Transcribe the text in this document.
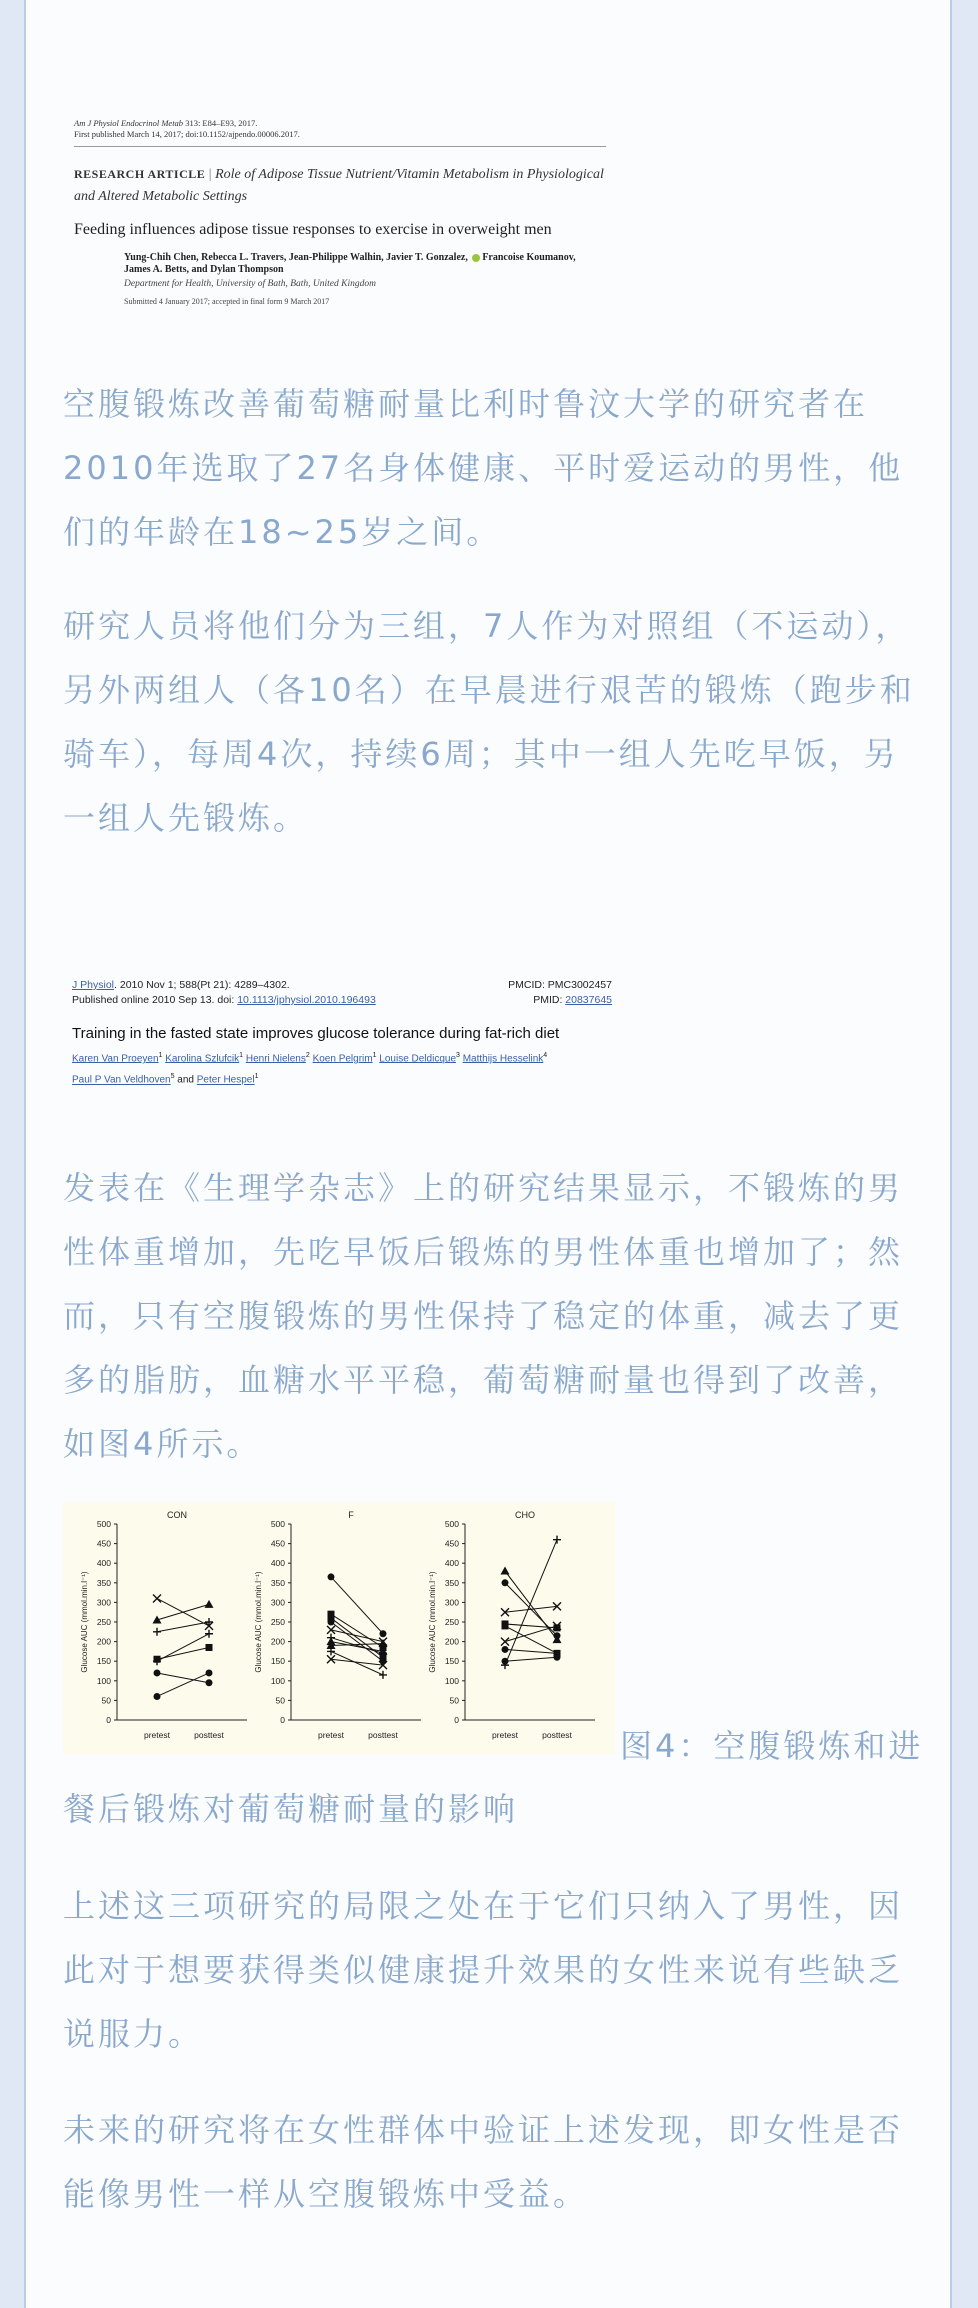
Am J Physiol Endocrinol Metab 313: E84–E93, 2017.

First published March 14, 2017; doi:10.1152/ajpendo.00006.2017.

RESEARCH ARTICLE | Role of Adipose Tissue Nutrient/Vitamin Metabolism in Physiological and Altered Metabolic Settings

Feeding influences adipose tissue responses to exercise in overweight men

Yung-Chih Chen, Rebecca L. Travers, Jean-Philippe Walhin, Javier T. Gonzalez, Francoise Koumanov,
James A. Betts, and Dylan Thompson

Department for Health, University of Bath, Bath, United Kingdom

Submitted 4 January 2017; accepted in final form 9 March 2017

空腹锻炼改善葡萄糖耐量比利时鲁汶大学的研究者在2010年选取了27名身体健康、平时爱运动的男性，他们的年龄在18~25岁之间。

研究人员将他们分为三组，7人作为对照组（不运动），另外两组人（各10名）在早晨进行艰苦的锻炼（跑步和骑车），每周4次，持续6周；其中一组人先吃早饭，另一组人先锻炼。

J Physiol. 2010 Nov 1; 588(Pt 21): 4289–4302.	PMCID: PMC3002457
Published online 2010 Sep 13. doi: 10.1113/jphysiol.2010.196493	PMID: 20837645

Training in the fasted state improves glucose tolerance during fat-rich diet

Karen Van Proeyen$^1$ Karolina Szlufcik$^1$ Henri Nielens$^2$ Koen Pelgrim$^1$ Louise Deldicque$^3$ Matthijs Hesselink$^4$
Paul P Van Veldhoven$^5$ and Peter Hespel$^1$

发表在《生理学杂志》上的研究结果显示，不锻炼的男性体重增加，先吃早饭后锻炼的男性体重也增加了；然而，只有空腹锻炼的男性保持了稳定的体重，减去了更多的脂肪，血糖水平平稳，葡萄糖耐量也得到了改善，如图4所示。

0
50
100
150
200
250
300
350
400
450
500
Glucose AUC (mmol.min.l⁻¹)
CON
pretest	posttest
0
50
100
150
200
250
300
350
400
450
500
Glucose AUC (mmol.min.l⁻¹)
F
pretest	posttest
0
50
100
150
200
250
300
350
400
450
500
Glucose AUC (mmol.min.l⁻¹)
CHO
pretest	posttest 图4：空腹锻炼和进

餐后锻炼对葡萄糖耐量的影响

上述这三项研究的局限之处在于它们只纳入了男性，因此对于想要获得类似健康提升效果的女性来说有些缺乏说服力。

未来的研究将在女性群体中验证上述发现，即女性是否能像男性一样从空腹锻炼中受益。
